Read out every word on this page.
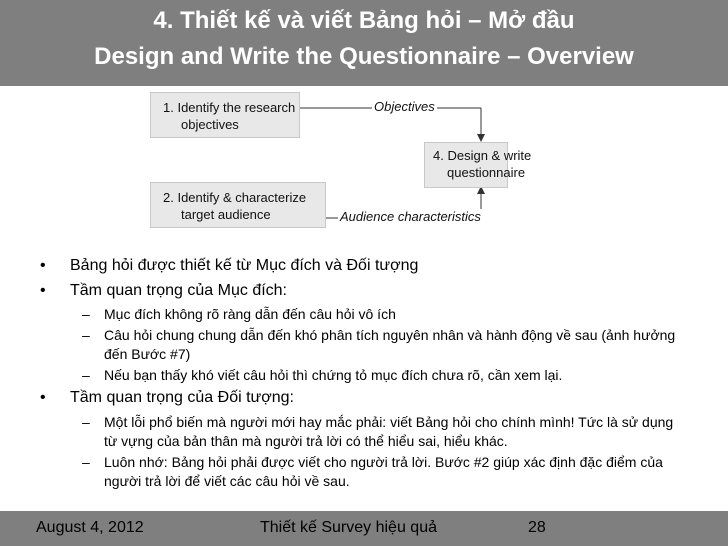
4. Thiết kế và viết Bảng hỏi – Mở đầu
Design and Write the Questionnaire – Overview
1. Identify the research
objectives
2. Identify & characterize
target audience
4. Design & write
questionnaire
Objectives
Audience characteristics
• Bảng hỏi được thiết kế từ Mục đích và Đối tượng
• Tầm quan trọng của Mục đích:
– Mục đích không rõ ràng dẫn đến câu hỏi vô ích
– Câu hỏi chung chung dẫn đến khó phân tích nguyên nhân và hành động về sau (ảnh hưởng đến Bước #7)
– Nếu bạn thấy khó viết câu hỏi thì chứng tỏ mục đích chưa rõ, cần xem lại.
• Tầm quan trọng của Đối tượng:
– Một lỗi phổ biến mà người mới hay mắc phải: viết Bảng hỏi cho chính mình! Tức là sử dụng từ vựng của bản thân mà người trả lời có thể hiểu sai, hiểu khác.
– Luôn nhớ: Bảng hỏi phải được viết cho người trả lời. Bước #2 giúp xác định đặc điểm của người trả lời để viết các câu hỏi về sau.
August 4, 2012	Thiết kế Survey hiệu quả	28
